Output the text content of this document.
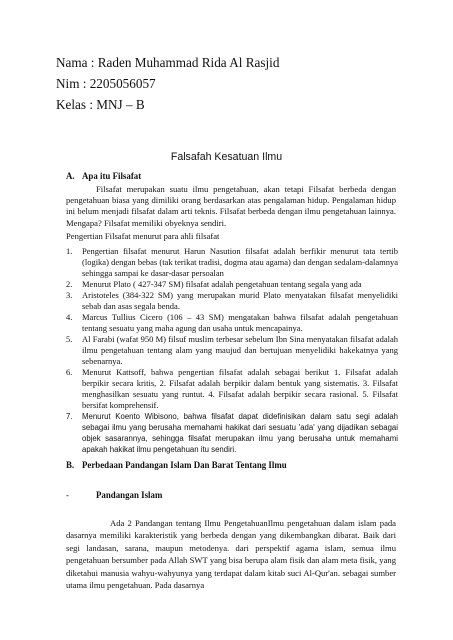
Nama : Raden Muhammad Rida Al Rasjid
Nim : 2205056057
Kelas : MNJ – B
Falsafah Kesatuan Ilmu
A. Apa itu Filsafat
Filsafat merupakan suatu ilmu pengetahuan, akan tetapi Filsafat berbeda dengan pengetahuan biasa yang dimiliki orang berdasarkan atas pengalaman hidup. Pengalaman hidup ini belum menjadi filsafat dalam arti teknis. Filsafat berbeda dengan ilmu pengetahuan lainnya. Mengapa? Filsafat memiliki obyeknya sendiri.
Pengertian Filsafat menurut para ahli filsafat
1. Pengertian filsafat menurut Harun Nasution filsafat adalah berfikir menurut tata tertib (logika) dengan bebas (tak terikat tradisi, dogma atau agama) dan dengan sedalam-dalamnya sehingga sampai ke dasar-dasar persoalan
2. Menurut Plato ( 427-347 SM) filsafat adalah pengetahuan tentang segala yang ada
3. Aristoteles (384-322 SM) yang merupakan murid Plato menyatakan filsafat menyelidiki sebab dan asas segala benda.
4. Marcus Tullius Cicero (106 – 43 SM) mengatakan bahwa filsafat adalah pengetahuan tentang sesuatu yang maha agung dan usaha untuk mencapainya.
5. Al Farabi (wafat 950 M) filsuf muslim terbesar sebelum Ibn Sina menyatakan filsafat adalah ilmu pengetahuan tentang alam yang maujud dan bertujuan menyelidiki hakekatnya yang sebenarnya.
6. Menurut Kattsoff, bahwa pengertian filsafat adalah sebagai berikut 1. Filsafat adalah berpikir secara kritis, 2. Filsafat adalah berpikir dalam bentuk yang sistematis. 3. Filsafat menghasilkan sesuatu yang runtut. 4. Filsafat adalah berpikir secara rasional. 5. Filsafat bersifat komprehensif.
7. Menurut Koento Wibisono, bahwa filsafat dapat didefinisikan dalam satu segi adalah sebagai ilmu yang berusaha memahami hakikat dari sesuatu 'ada' yang dijadikan sebagai objek sasarannya, sehingga filsafat merupakan ilmu yang berusaha untuk memahami apakah hakikat ilmu pengetahuan itu sendiri.
B. Perbedaan Pandangan Islam Dan Barat Tentang Ilmu
-	Pandangan Islam
Ada 2 Pandangan tentang Ilmu PengetahuanIlmu pengetahuan dalam islam pada dasarnya memiliki karakteristik yang berbeda dengan yang dikembangkan dibarat. Baik dari segi landasan, sarana, maupun metodenya. dari perspektif agama islam, semua ilmu pengetahuan bersumber pada Allah SWT yang bisa berupa alam fisik dan alam meta fisik, yang diketahui manusia wahyu-wahyunya yang terdapat dalam kitab suci Al-Qur'an. sebagai sumber utama ilmu pengetahuan. Pada dasarnya
